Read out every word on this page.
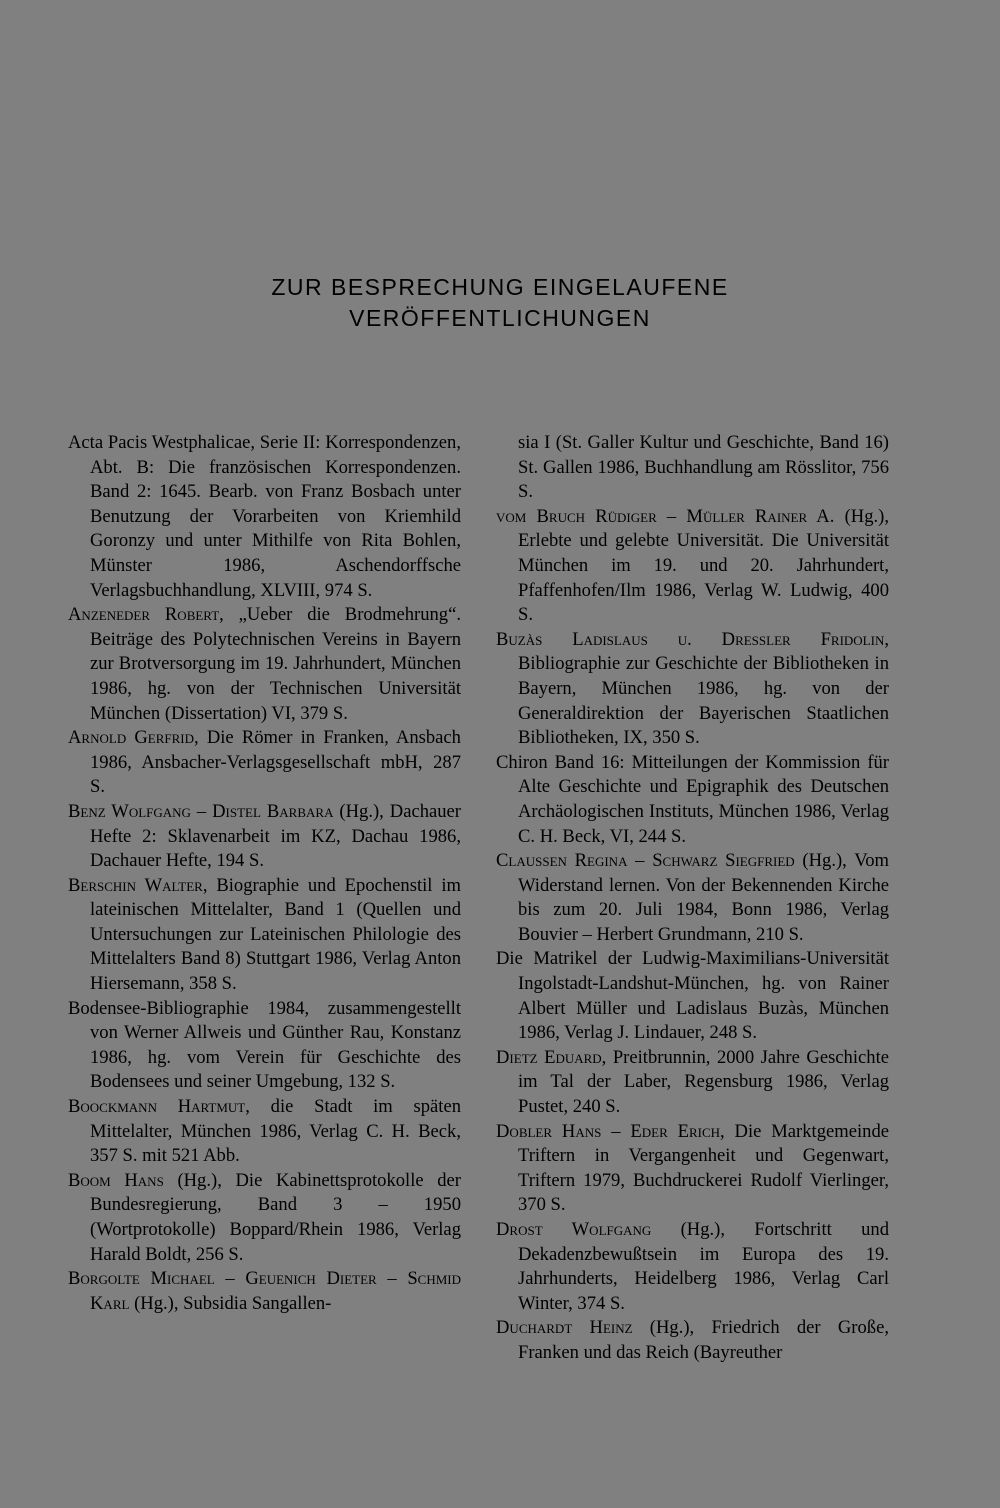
ZUR BESPRECHUNG EINGELAUFENE
VERÖFFENTLICHUNGEN

Acta Pacis Westphalicae, Serie II: Korrespondenzen, Abt. B: Die französischen Korrespondenzen. Band 2: 1645. Bearb. von Franz Bosbach unter Benutzung der Vorarbeiten von Kriemhild Goronzy und unter Mithilfe von Rita Bohlen, Münster 1986, Aschendorffsche Verlagsbuchhandlung, XLVIII, 974 S.

Anzeneder Robert, „Ueber die Brodmehrung“. Beiträge des Polytechnischen Vereins in Bayern zur Brotversorgung im 19. Jahrhundert, München 1986, hg. von der Technischen Universität München (Dissertation) VI, 379 S.

Arnold Gerfrid, Die Römer in Franken, Ansbach 1986, Ansbacher-Verlagsgesellschaft mbH, 287 S.

Benz Wolfgang – Distel Barbara (Hg.), Dachauer Hefte 2: Sklavenarbeit im KZ, Dachau 1986, Dachauer Hefte, 194 S.

Berschin Walter, Biographie und Epochenstil im lateinischen Mittelalter, Band 1 (Quellen und Untersuchungen zur Lateinischen Philologie des Mittelalters Band 8) Stuttgart 1986, Verlag Anton Hiersemann, 358 S.

Bodensee-Bibliographie 1984, zusammengestellt von Werner Allweis und Günther Rau, Konstanz 1986, hg. vom Verein für Geschichte des Bodensees und seiner Umgebung, 132 S.

Boockmann Hartmut, die Stadt im späten Mittelalter, München 1986, Verlag C. H. Beck, 357 S. mit 521 Abb.

Boom Hans (Hg.), Die Kabinettsprotokolle der Bundesregierung, Band 3 – 1950 (Wortprotokolle) Boppard/Rhein 1986, Verlag Harald Boldt, 256 S.

Borgolte Michael – Geuenich Dieter – Schmid Karl (Hg.), Subsidia Sangallen-

sia I (St. Galler Kultur und Geschichte, Band 16) St. Gallen 1986, Buchhandlung am Rösslitor, 756 S.

vom Bruch Rüdiger – Müller Rainer A. (Hg.), Erlebte und gelebte Universität. Die Universität München im 19. und 20. Jahrhundert, Pfaffenhofen/Ilm 1986, Verlag W. Ludwig, 400 S.

Buzàs Ladislaus u. Dressler Fridolin, Bibliographie zur Geschichte der Bibliotheken in Bayern, München 1986, hg. von der Generaldirektion der Bayerischen Staatlichen Bibliotheken, IX, 350 S.

Chiron Band 16: Mitteilungen der Kommission für Alte Geschichte und Epigraphik des Deutschen Archäologischen Instituts, München 1986, Verlag C. H. Beck, VI, 244 S.

Claussen Regina – Schwarz Siegfried (Hg.), Vom Widerstand lernen. Von der Bekennenden Kirche bis zum 20. Juli 1984, Bonn 1986, Verlag Bouvier – Herbert Grundmann, 210 S.

Die Matrikel der Ludwig-Maximilians-Universität Ingolstadt-Landshut-München, hg. von Rainer Albert Müller und Ladislaus Buzàs, München 1986, Verlag J. Lindauer, 248 S.

Dietz Eduard, Preitbrunnin, 2000 Jahre Geschichte im Tal der Laber, Regensburg 1986, Verlag Pustet, 240 S.

Dobler Hans – Eder Erich, Die Marktgemeinde Triftern in Vergangenheit und Gegenwart, Triftern 1979, Buchdruckerei Rudolf Vierlinger, 370 S.

Drost Wolfgang (Hg.), Fortschritt und Dekadenzbewußtsein im Europa des 19. Jahrhunderts, Heidelberg 1986, Verlag Carl Winter, 374 S.

Duchardt Heinz (Hg.), Friedrich der Große, Franken und das Reich (Bayreuther
